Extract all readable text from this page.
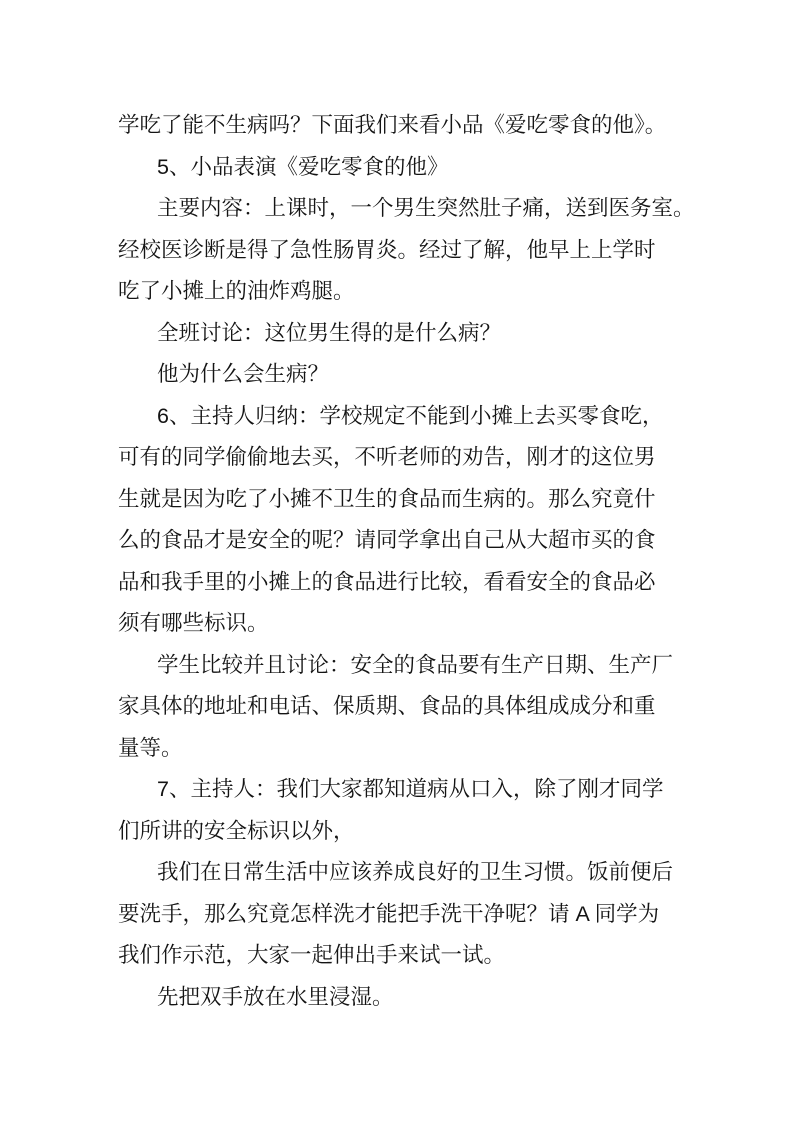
学吃了能不生病吗？下面我们来看小品《爱吃零食的他》。
5、小品表演《爱吃零食的他》
主要内容：上课时，一个男生突然肚子痛，送到医务室。
经校医诊断是得了急性肠胃炎。经过了解，他早上上学时
吃了小摊上的油炸鸡腿。
全班讨论：这位男生得的是什么病？
他为什么会生病？
6、主持人归纳：学校规定不能到小摊上去买零食吃，
可有的同学偷偷地去买，不听老师的劝告，刚才的这位男
生就是因为吃了小摊不卫生的食品而生病的。那么究竟什
么的食品才是安全的呢？请同学拿出自己从大超市买的食
品和我手里的小摊上的食品进行比较，看看安全的食品必
须有哪些标识。
学生比较并且讨论：安全的食品要有生产日期、生产厂
家具体的地址和电话、保质期、食品的具体组成成分和重
量等。
7、主持人：我们大家都知道病从口入，除了刚才同学
们所讲的安全标识以外，
我们在日常生活中应该养成良好的卫生习惯。饭前便后
要洗手，那么究竟怎样洗才能把手洗干净呢？请 A 同学为
我们作示范，大家一起伸出手来试一试。
先把双手放在水里浸湿。
